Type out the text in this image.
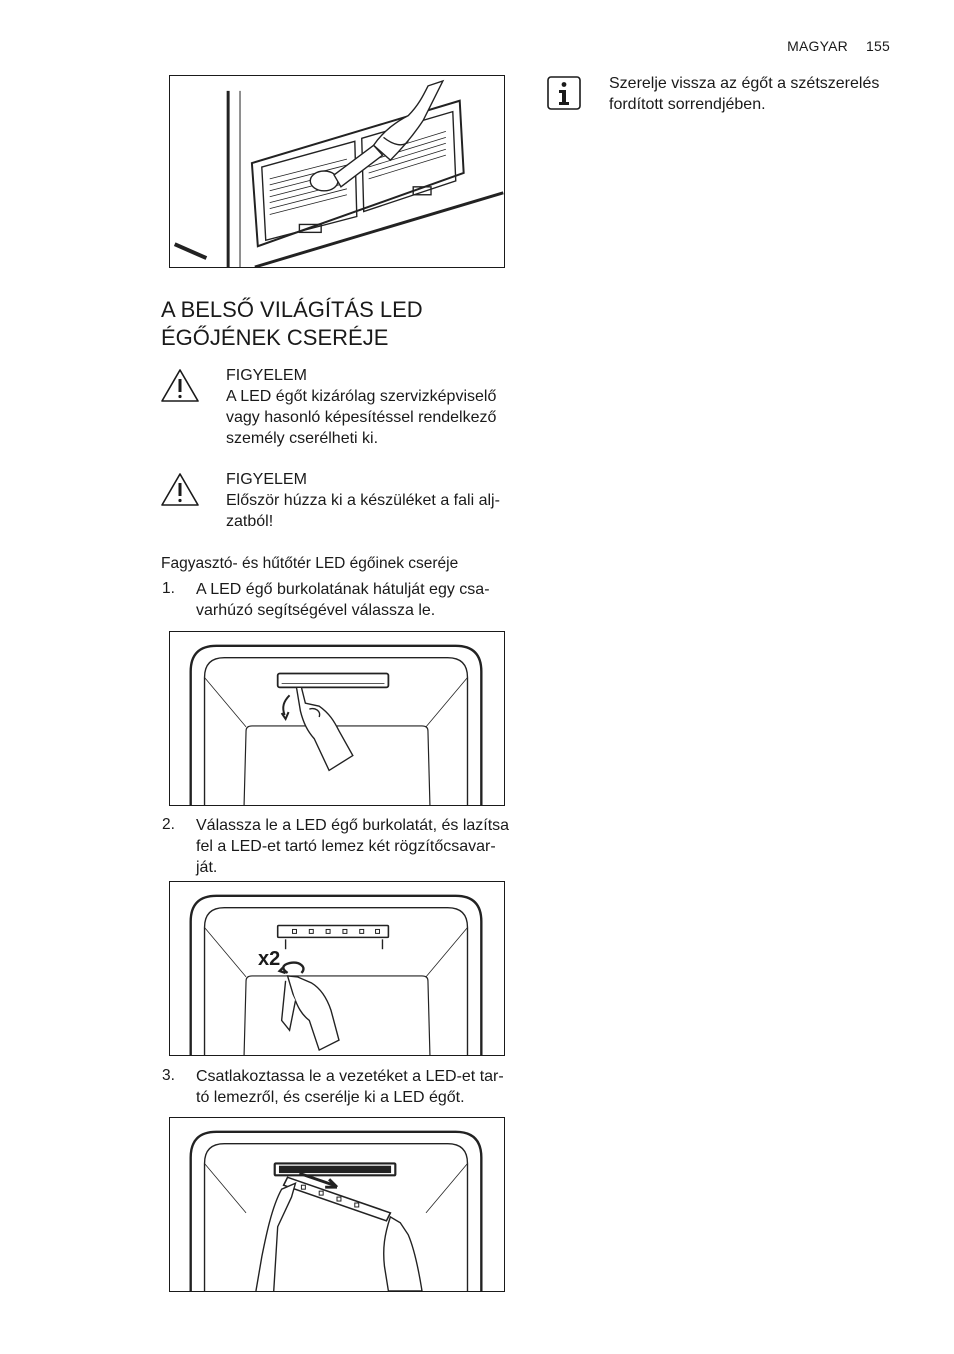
MAGYAR 155
A BELSŐ VILÁGÍTÁS LED ÉGŐJÉNEK CSERÉJE
FIGYELEM
A LED égőt kizárólag szervizképviselő vagy hasonló képesítéssel rendelkező személy cserélheti ki.
FIGYELEM
Először húzza ki a készüléket a fali alj-zatból!
Fagyasztó- és hűtőtér LED égőinek cseréje
1. A LED égő burkolatának hátulját egy csa-varhúzó segítségével válassza le.
2. Válassza le a LED égő burkolatát, és lazítsa fel a LED-et tartó lemez két rögzítőcsavar-ját.
x2
3. Csatlakoztassa le a vezetéket a LED-et tar-tó lemezről, és cserélje ki a LED égőt.
Szerelje vissza az égőt a szétszerelés fordított sorrendjében.
